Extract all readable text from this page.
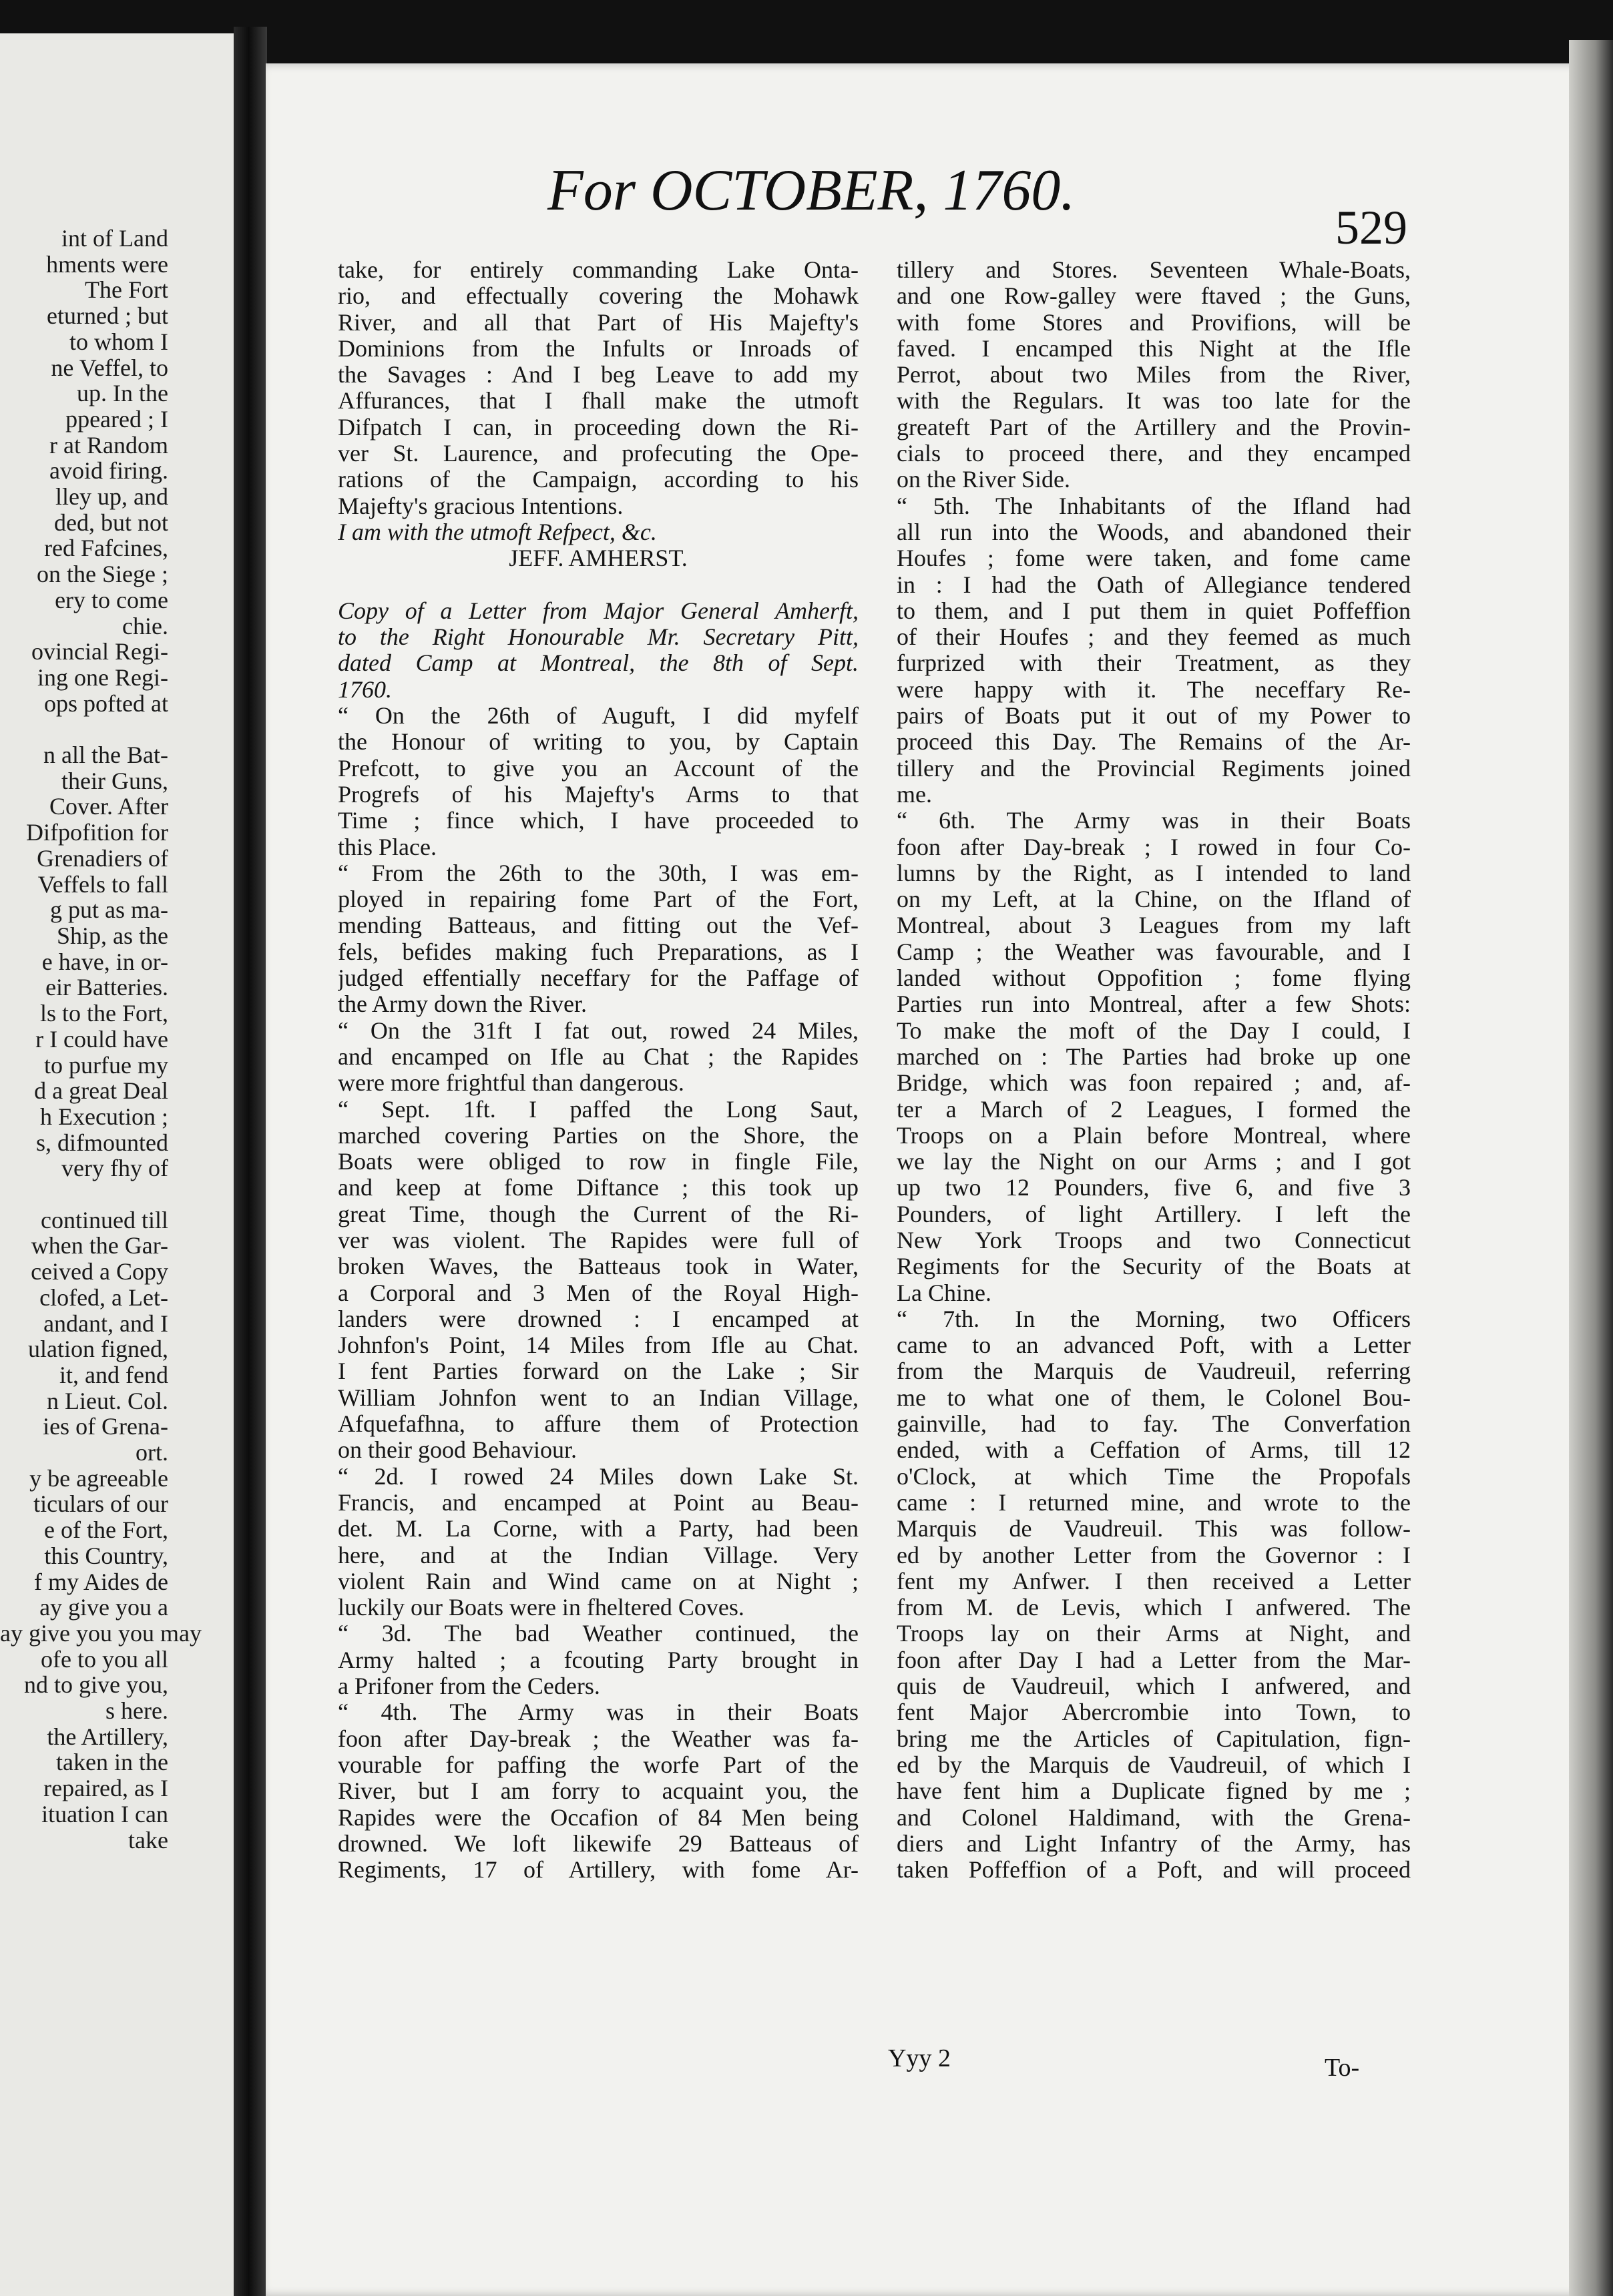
int of Land
hments were
The Fort
eturned ; but
to whom I
ne Veffel, to
up. In the
ppeared ; I
r at Random
avoid firing.
lley up, and
ded, but not
red Fafcines,
on the Siege ;
ery to come
chie.
ovincial Regi-
ing one Regi-
ops pofted at

n all the Bat-
their Guns,
Cover. After
Difpofition for
Grenadiers of
Veffels to fall
g put as ma-
Ship, as the
e have, in or-
eir Batteries.
ls to the Fort,
r I could have
to purfue my
d a great Deal
h Execution ;
s, difmounted
very fhy of

continued till
when the Gar-
ceived a Copy
clofed, a Let-
andant, and I
ulation figned,
it, and fend
n Lieut. Col.
ies of Grena-
ort.
y be agreeable
ticulars of our
e of the Fort,
this Country,
f my Aides de
ay give you a
ay give you you may
ofe to you all
nd to give you,
s here.
the Artillery,
taken in the
repaired, as I
ituation I can
take
For OCTOBER, 1760.
529
take, for entirely commanding Lake Onta-
rio, and effectually covering the Mohawk
River, and all that Part of His Majefty's
Dominions from the Infults or Inroads of
the Savages : And I beg Leave to add my
Affurances, that I fhall make the utmoft
Difpatch I can, in proceeding down the Ri-
ver St. Laurence, and profecuting the Ope-
rations of the Campaign, according to his
Majefty's gracious Intentions.
I am with the utmoft Refpect, &c.
JEFF. AMHERST.
Copy of a Letter from Major General Amherft,
to the Right Honourable Mr. Secretary Pitt,
dated Camp at Montreal, the 8th of Sept.
1760.
“ On the 26th of Auguft, I did myfelf
the Honour of writing to you, by Captain
Prefcott, to give you an Account of the
Progrefs of his Majefty's Arms to that
Time ; fince which, I have proceeded to
this Place.
“ From the 26th to the 30th, I was em-
ployed in repairing fome Part of the Fort,
mending Batteaus, and fitting out the Vef-
fels, befides making fuch Preparations, as I
judged effentially neceffary for the Paffage of
the Army down the River.
“ On the 31ft I fat out, rowed 24 Miles,
and encamped on Ifle au Chat ; the Rapides
were more frightful than dangerous.
“ Sept. 1ft. I paffed the Long Saut,
marched covering Parties on the Shore, the
Boats were obliged to row in fingle File,
and keep at fome Diftance ; this took up
great Time, though the Current of the Ri-
ver was violent. The Rapides were full of
broken Waves, the Batteaus took in Water,
a Corporal and 3 Men of the Royal High-
landers were drowned : I encamped at
Johnfon's Point, 14 Miles from Ifle au Chat.
I fent Parties forward on the Lake ; Sir
William Johnfon went to an Indian Village,
Afquefafhna, to affure them of Protection
on their good Behaviour.
“ 2d. I rowed 24 Miles down Lake St.
Francis, and encamped at Point au Beau-
det. M. La Corne, with a Party, had been
here, and at the Indian Village. Very
violent Rain and Wind came on at Night ;
luckily our Boats were in fheltered Coves.
“ 3d. The bad Weather continued, the
Army halted ; a fcouting Party brought in
a Prifoner from the Ceders.
“ 4th. The Army was in their Boats
foon after Day-break ; the Weather was fa-
vourable for paffing the worfe Part of the
River, but I am forry to acquaint you, the
Rapides were the Occafion of 84 Men being
drowned. We loft likewife 29 Batteaus of
Regiments, 17 of Artillery, with fome Ar-
tillery and Stores. Seventeen Whale-Boats,
and one Row-galley were ftaved ; the Guns,
with fome Stores and Provifions, will be
faved. I encamped this Night at the Ifle
Perrot, about two Miles from the River,
with the Regulars. It was too late for the
greateft Part of the Artillery and the Provin-
cials to proceed there, and they encamped
on the River Side.
“ 5th. The Inhabitants of the Ifland had
all run into the Woods, and abandoned their
Houfes ; fome were taken, and fome came
in : I had the Oath of Allegiance tendered
to them, and I put them in quiet Poffeffion
of their Houfes ; and they feemed as much
furprized with their Treatment, as they
were happy with it. The neceffary Re-
pairs of Boats put it out of my Power to
proceed this Day. The Remains of the Ar-
tillery and the Provincial Regiments joined
me.
“ 6th. The Army was in their Boats
foon after Day-break ; I rowed in four Co-
lumns by the Right, as I intended to land
on my Left, at la Chine, on the Ifland of
Montreal, about 3 Leagues from my laft
Camp ; the Weather was favourable, and I
landed without Oppofition ; fome flying
Parties run into Montreal, after a few Shots:
To make the moft of the Day I could, I
marched on : The Parties had broke up one
Bridge, which was foon repaired ; and, af-
ter a March of 2 Leagues, I formed the
Troops on a Plain before Montreal, where
we lay the Night on our Arms ; and I got
up two 12 Pounders, five 6, and five 3
Pounders, of light Artillery. I left the
New York Troops and two Connecticut
Regiments for the Security of the Boats at
La Chine.
“ 7th. In the Morning, two Officers
came to an advanced Poft, with a Letter
from the Marquis de Vaudreuil, referring
me to what one of them, le Colonel Bou-
gainville, had to fay. The Converfation
ended, with a Ceffation of Arms, till 12
o'Clock, at which Time the Propofals
came : I returned mine, and wrote to the
Marquis de Vaudreuil. This was follow-
ed by another Letter from the Governor : I
fent my Anfwer. I then received a Letter
from M. de Levis, which I anfwered. The
Troops lay on their Arms at Night, and
foon after Day I had a Letter from the Mar-
quis de Vaudreuil, which I anfwered, and
fent Major Abercrombie into Town, to
bring me the Articles of Capitulation, fign-
ed by the Marquis de Vaudreuil, of which I
have fent him a Duplicate figned by me ;
and Colonel Haldimand, with the Grena-
diers and Light Infantry of the Army, has
taken Poffeffion of a Poft, and will proceed
Yyy 2	To-
